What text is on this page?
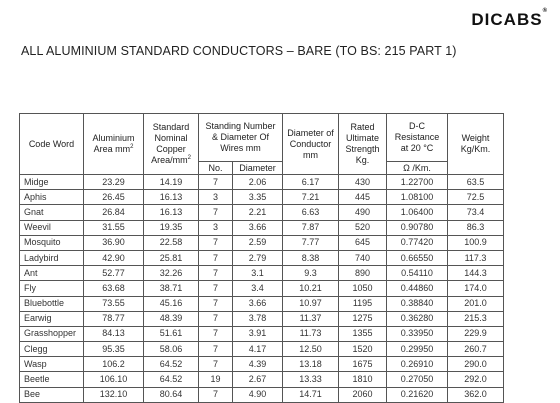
DICABS®
ALL ALUMINIUM STANDARD CONDUCTORS – BARE (TO BS: 215 PART 1)
Code Word	Aluminium Area $mm^2$	Standard Nominal Copper Area/$mm^2$	Standing Number & Diameter Of Wires mm		Diameter of Conductor mm	Rated Ultimate Strength Kg.	D-C Resistance at 20 °C	Weight Kg/Km.
			No.	Diameter			Ω /Km.	
Midge	23.29	14.19	7	2.06	6.17	430	1.22700	63.5
Aphis	26.45	16.13	3	3.35	7.21	445	1.08100	72.5
Gnat	26.84	16.13	7	2.21	6.63	490	1.06400	73.4
Weevil	31.55	19.35	3	3.66	7.87	520	0.90780	86.3
Mosquito	36.90	22.58	7	2.59	7.77	645	0.77420	100.9
Ladybird	42.90	25.81	7	2.79	8.38	740	0.66550	117.3
Ant	52.77	32.26	7	3.1	9.3	890	0.54110	144.3
Fly	63.68	38.71	7	3.4	10.21	1050	0.44860	174.0
Bluebottle	73.55	45.16	7	3.66	10.97	1195	0.38840	201.0
Earwig	78.77	48.39	7	3.78	11.37	1275	0.36280	215.3
Grasshopper	84.13	51.61	7	3.91	11.73	1355	0.33950	229.9
Clegg	95.35	58.06	7	4.17	12.50	1520	0.29950	260.7
Wasp	106.2	64.52	7	4.39	13.18	1675	0.26910	290.0
Beetle	106.10	64.52	19	2.67	13.33	1810	0.27050	292.0
Bee	132.10	80.64	7	4.90	14.71	2060	0.21620	362.0
